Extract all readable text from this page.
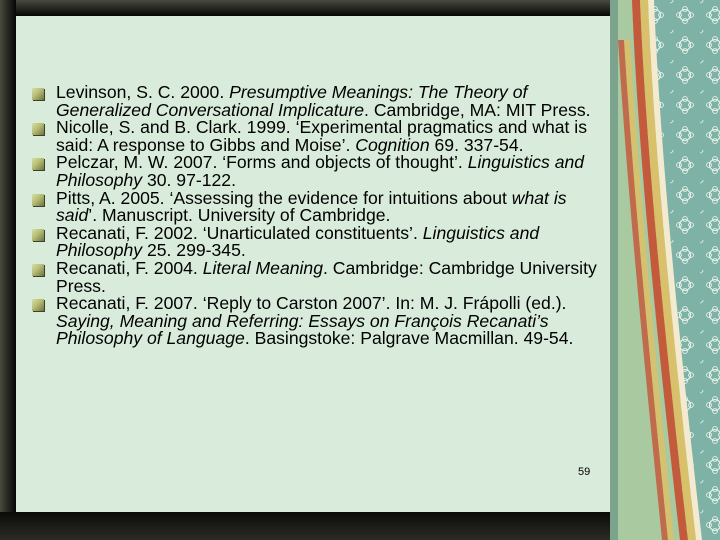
Levinson, S. C. 2000. Presumptive Meanings: The Theory of Generalized Conversational Implicature. Cambridge, MA: MIT Press.

Nicolle, S. and B. Clark. 1999. ‘Experimental pragmatics and what is said: A response to Gibbs and Moise’. Cognition 69. 337-54.

Pelczar, M. W. 2007. ‘Forms and objects of thought’. Linguistics and Philosophy 30. 97-122.

Pitts, A. 2005. ‘Assessing the evidence for intuitions about what is said’. Manuscript. University of Cambridge.

Recanati, F. 2002. ‘Unarticulated constituents’. Linguistics and Philosophy 25. 299-345.

Recanati, F. 2004. Literal Meaning. Cambridge: Cambridge University Press.

Recanati, F. 2007. ‘Reply to Carston 2007’. In: M. J. Frápolli (ed.). Saying, Meaning and Referring: Essays on François Recanati’s Philosophy of Language. Basingstoke: Palgrave Macmillan. 49-54.

59
